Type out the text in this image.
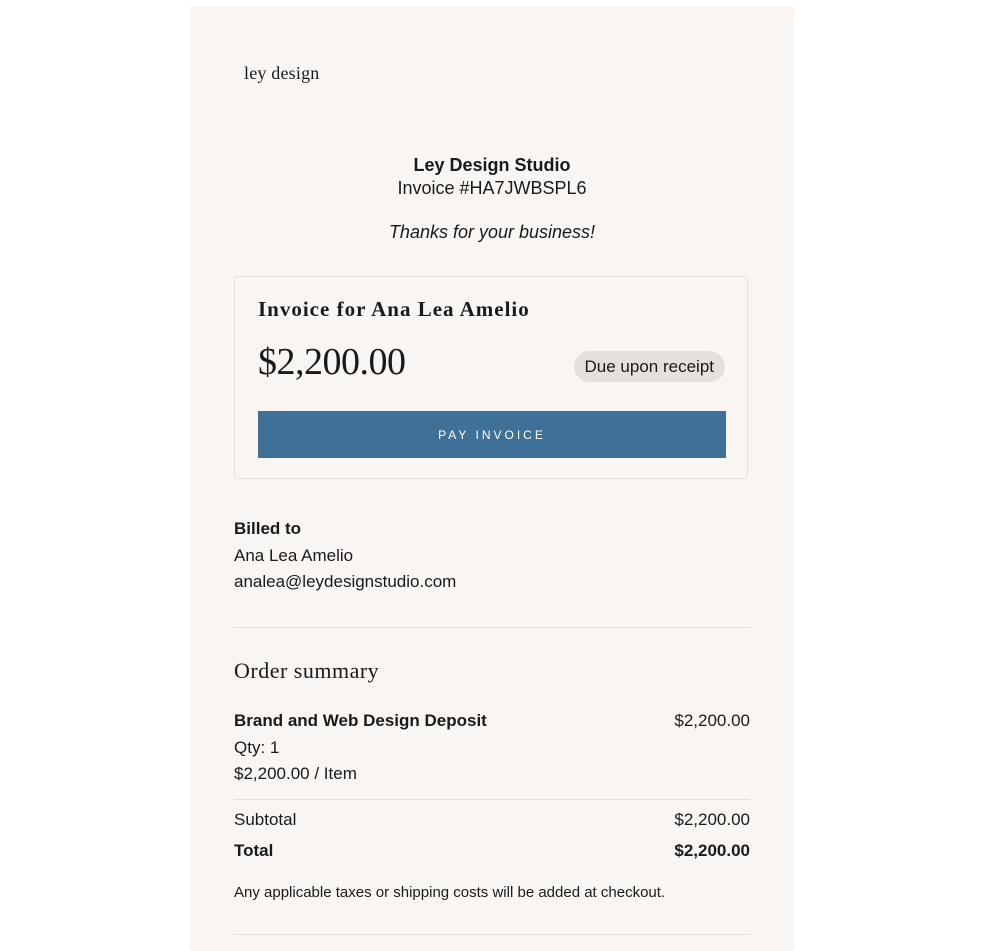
ley design
Ley Design Studio
Invoice #HA7JWBSPL6
Thanks for your business!
Invoice for Ana Lea Amelio
$2,200.00	Due upon receipt
PAY INVOICE
Billed to
Ana Lea Amelio
analea@leydesignstudio.com
Order summary
Brand and Web Design Deposit	$2,200.00
Qty: 1
$2,200.00 / Item
Subtotal	$2,200.00
Total	$2,200.00
Any applicable taxes or shipping costs will be added at checkout.
